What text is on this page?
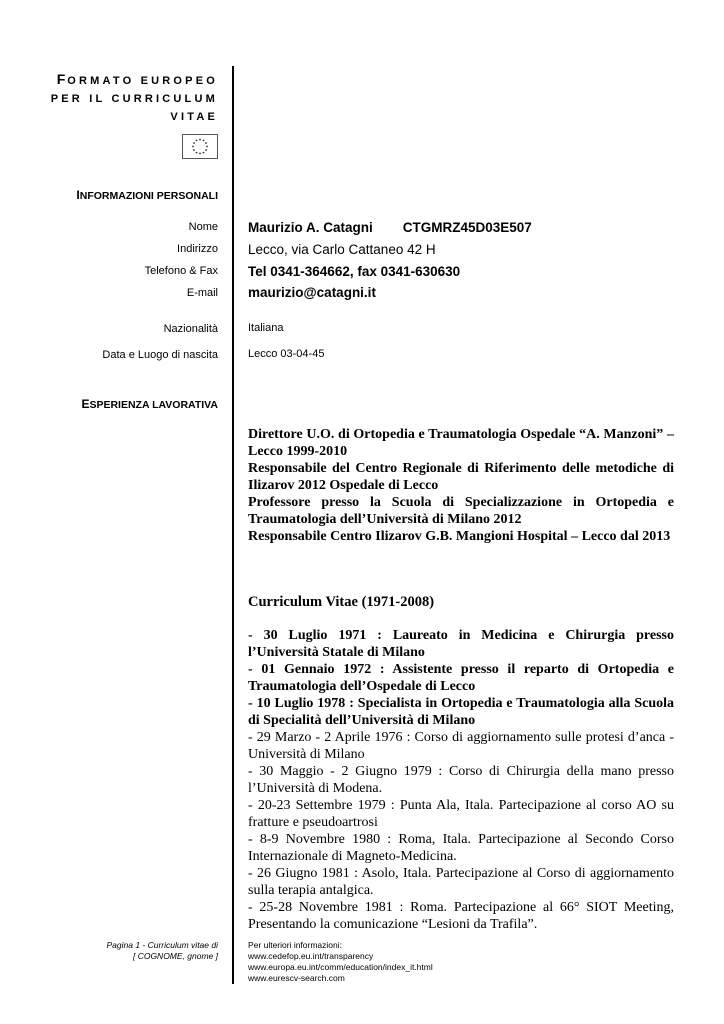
FORMATO EUROPEO
PER IL CURRICULUM
VITAE
INFORMAZIONI PERSONALI
Nome
Indirizzo
Telefono & Fax
E-mail
Nazionalità
Data e Luogo di nascita
Maurizio A. Catagni        CTGMRZ45D03E507
Lecco, via Carlo Cattaneo 42 H
Tel 0341-364662, fax 0341-630630
maurizio@catagni.it
Italiana
Lecco 03-04-45
ESPERIENZA LAVORATIVA

Direttore U.O. di Ortopedia e Traumatologia Ospedale “A. Manzoni” – Lecco 1999-2010

Responsabile del Centro Regionale di Riferimento delle metodiche di Ilizarov 2012 Ospedale di Lecco

Professore presso la Scuola di Specializzazione in Ortopedia e Traumatologia dell’Università di Milano 2012

Responsabile Centro Ilizarov G.B. Mangioni Hospital – Lecco dal 2013

Curriculum Vitae (1971-2008)

- 30 Luglio 1971 : Laureato in Medicina e Chirurgia presso l’Università Statale di Milano

- 01 Gennaio 1972 : Assistente presso il reparto di Ortopedia e Traumatologia dell’Ospedale di Lecco

- 10 Luglio 1978 : Specialista in Ortopedia e Traumatologia alla Scuola di Specialità dell’Università di Milano

- 29 Marzo - 2 Aprile 1976 : Corso di aggiornamento sulle protesi d’anca - Università di Milano

- 30 Maggio - 2 Giugno 1979 : Corso di Chirurgia della mano presso l’Università di Modena.

- 20-23 Settembre 1979 : Punta Ala, Itala. Partecipazione al corso AO su fratture e pseudoartrosi

- 8-9 Novembre 1980 : Roma, Itala. Partecipazione al Secondo Corso Internazionale di Magneto-Medicina.

- 26 Giugno 1981 : Asolo, Itala. Partecipazione al Corso di aggiornamento sulla terapia antalgica.

- 25-28 Novembre 1981 : Roma. Partecipazione al 66° SIOT Meeting, Presentando la comunicazione “Lesioni da Trafila”.

Pagina 1 - Curriculum vitae di
[ COGNOME, gnome ]
Per ulteriori informazioni:
www.cedefop.eu.int/transparency
www.europa.eu.int/comm/education/index_it.html
www.eurescv-search.com
